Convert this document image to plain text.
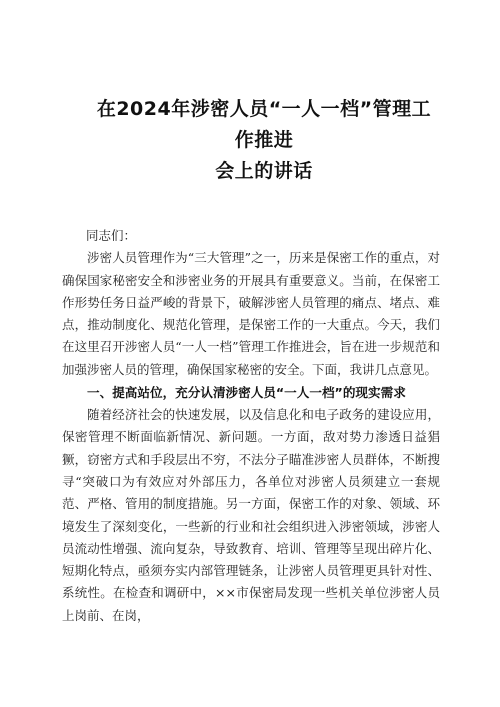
在2024年涉密人员“一人一档”管理工作推进
会上的讲话

同志们：

涉密人员管理作为“三大管理”之一，历来是保密工作的重点，对确保国家秘密安全和涉密业务的开展具有重要意义。当前，在保密工作形势任务日益严峻的背景下，破解涉密人员管理的痛点、堵点、难点，推动制度化、规范化管理，是保密工作的一大重点。今天，我们在这里召开涉密人员“一人一档”管理工作推进会，旨在进一步规范和加强涉密人员的管理，确保国家秘密的安全。下面，我讲几点意见。

一、提高站位，充分认清涉密人员“一人一档”的现实需求

随着经济社会的快速发展，以及信息化和电子政务的建设应用，保密管理不断面临新情况、新问题。一方面，敌对势力渗透日益猖獗，窃密方式和手段层出不穷，不法分子瞄准涉密人员群体，不断搜寻“突破口为有效应对外部压力，各单位对涉密人员须建立一套规范、严格、管用的制度措施。另一方面，保密工作的对象、领域、环境发生了深刻变化，一些新的行业和社会组织进入涉密领域，涉密人员流动性增强、流向复杂，导致教育、培训、管理等呈现出碎片化、短期化特点，亟须夯实内部管理链条，让涉密人员管理更具针对性、系统性。在检查和调研中，××市保密局发现一些机关单位涉密人员上岗前、在岗，
